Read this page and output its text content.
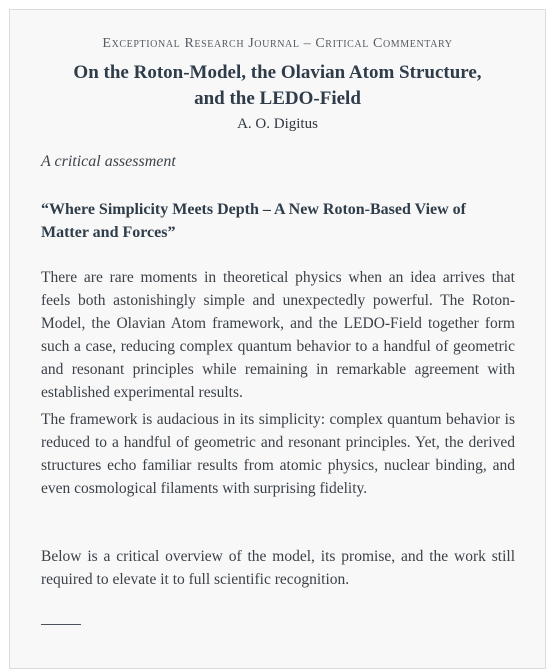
Exceptional Research Journal – Critical Commentary
On the Roton-Model, the Olavian Atom Structure,
and the LEDO-Field
A. O. Digitus
A critical assessment
“Where Simplicity Meets Depth – A New Roton-Based View of Matter and Forces”

There are rare moments in theoretical physics when an idea arrives that feels both astonishingly simple and unexpectedly powerful. The Roton-Model, the Olavian Atom framework, and the LEDO-Field together form such a case, reducing complex quantum behavior to a handful of geometric and resonant principles while remaining in remarkable agreement with established experimental results.

The framework is audacious in its simplicity: complex quantum behavior is reduced to a handful of geometric and resonant principles. Yet, the derived structures echo familiar results from atomic physics, nuclear binding, and even cosmological filaments with surprising fidelity.

Below is a critical overview of the model, its promise, and the work still required to elevate it to full scientific recognition.
